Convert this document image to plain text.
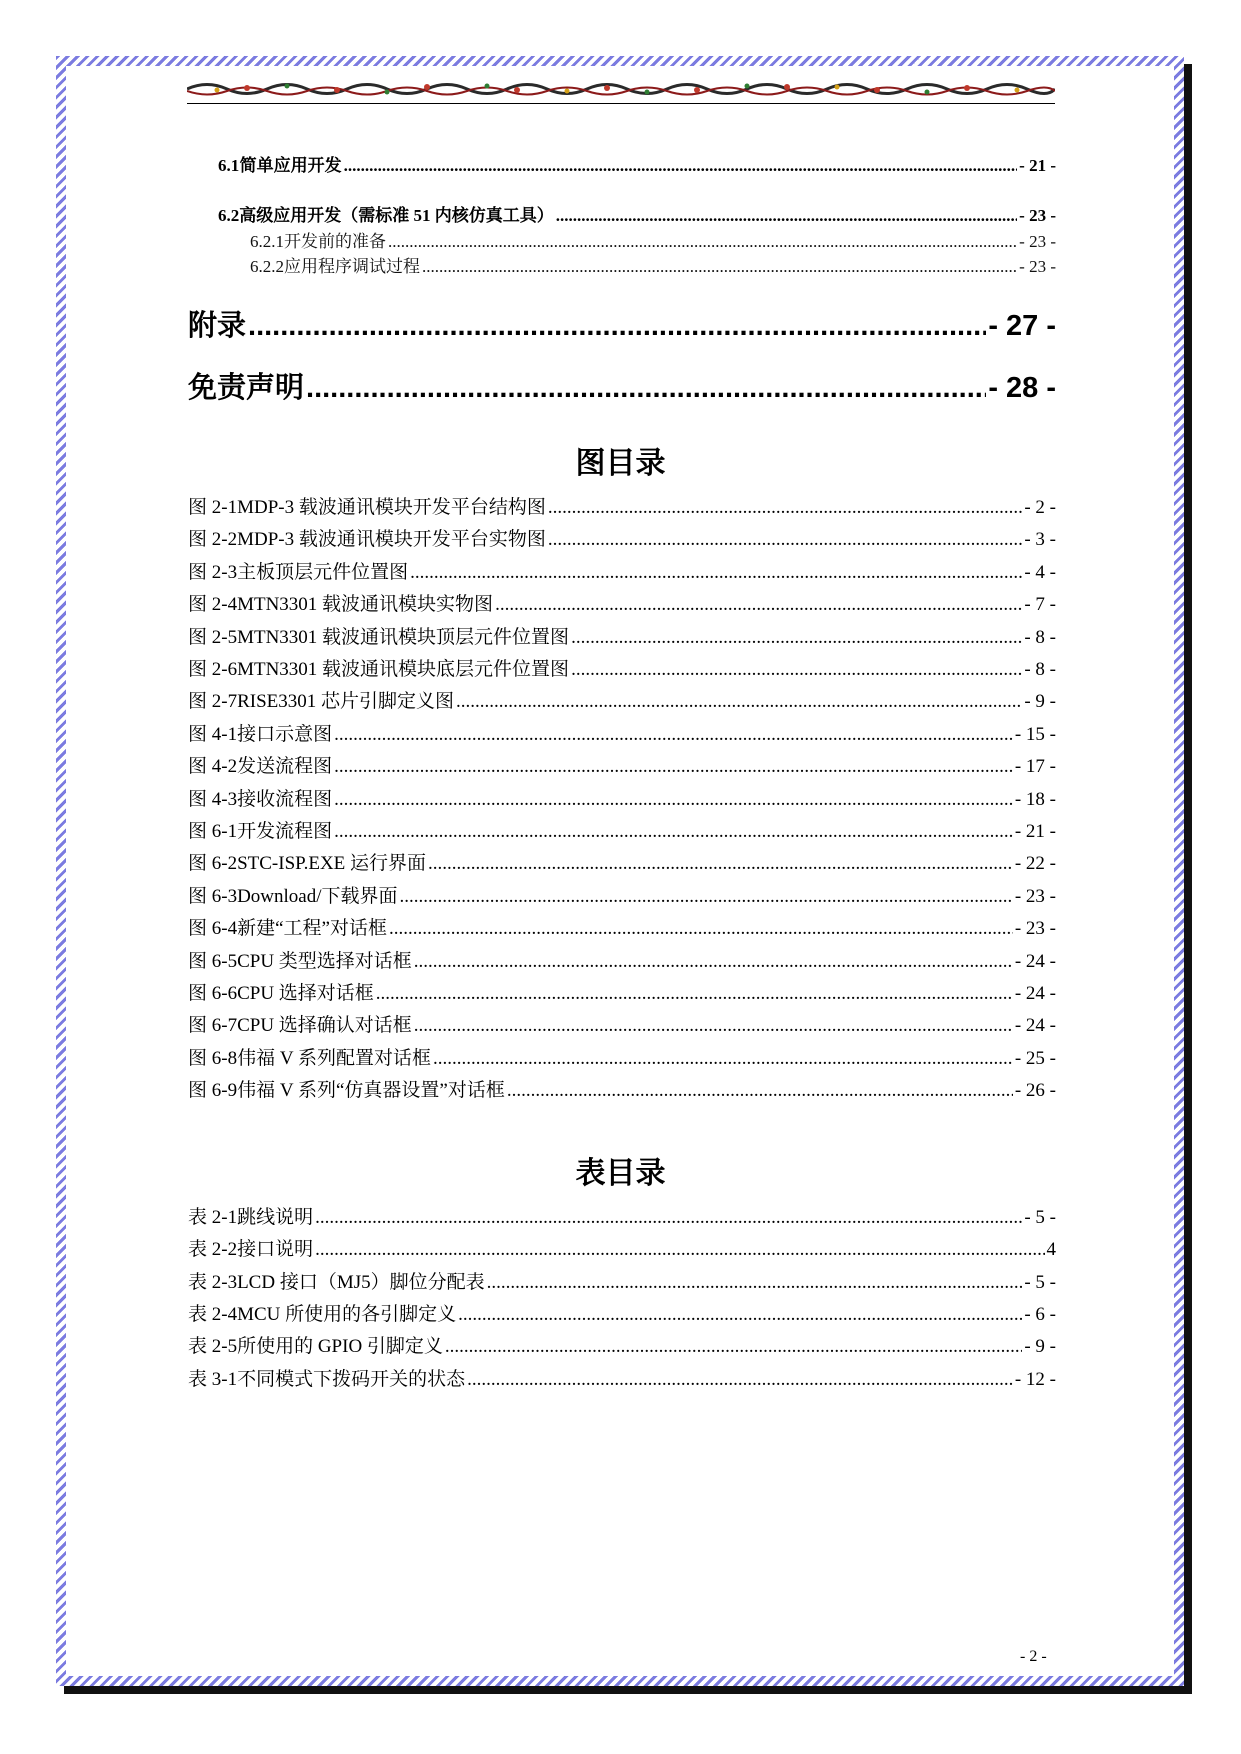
6.1 简单应用开发 .....	- 21 -
6.2 高级应用开发（需标准 51 内核仿真工具） .....	- 23 -
6.2.1 开发前的准备 .....	- 23 -
6.2.2 应用程序调试过程 .....	- 23 -
附录 .....	- 27 -
免责声明 .....	- 28 -
图目录
图 2-1 MDP-3 载波通讯模块开发平台结构图 .....	- 2 -
图 2-2 MDP-3 载波通讯模块开发平台实物图 .....	- 3 -
图 2-3 主板顶层元件位置图 .....	- 4 -
图 2-4 MTN3301 载波通讯模块实物图 .....	- 7 -
图 2-5 MTN3301 载波通讯模块顶层元件位置图 .....	- 8 -
图 2-6 MTN3301 载波通讯模块底层元件位置图 .....	- 8 -
图 2-7 RISE3301 芯片引脚定义图 .....	- 9 -
图 4-1 接口示意图 .....	- 15 -
图 4-2 发送流程图 .....	- 17 -
图 4-3 接收流程图 .....	- 18 -
图 6-1 开发流程图 .....	- 21 -
图 6-2 STC-ISP.EXE 运行界面 .....	- 22 -
图 6-3 Download/下载界面 .....	- 23 -
图 6-4 新建“工程”对话框 .....	- 23 -
图 6-5 CPU 类型选择对话框 .....	- 24 -
图 6-6 CPU 选择对话框 .....	- 24 -
图 6-7 CPU 选择确认对话框 .....	- 24 -
图 6-8 伟福 V 系列配置对话框 .....	- 25 -
图 6-9 伟福 V 系列“仿真器设置”对话框 .....	- 26 -
表目录
表 2-1 跳线说明 .....	- 5 -
表 2-2 接口说明 .....	4
表 2-3 LCD 接口（MJ5）脚位分配表 .....	- 5 -
表 2-4 MCU 所使用的各引脚定义 .....	- 6 -
表 2-5 所使用的 GPIO 引脚定义 .....	- 9 -
表 3-1 不同模式下拨码开关的状态 .....	- 12 -
- 2 -
